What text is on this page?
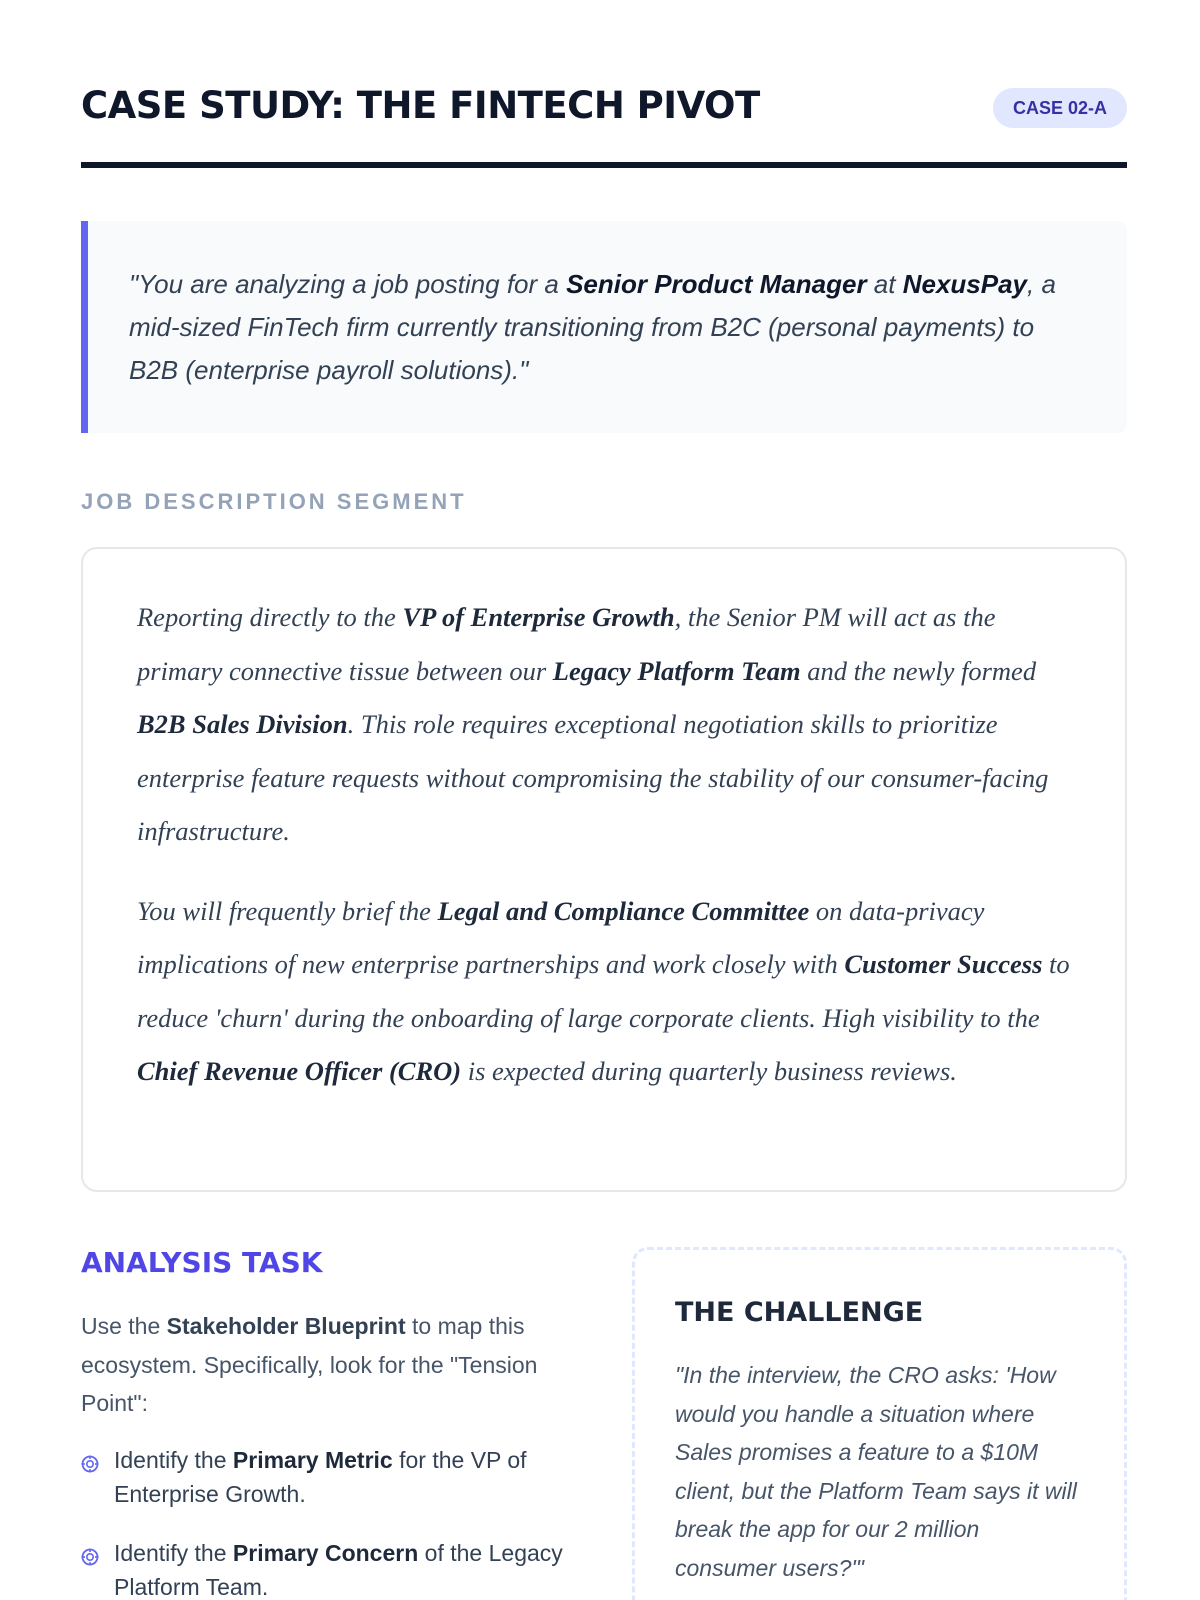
CASE STUDY: THE FINTECH PIVOT	CASE 02-A

"You are analyzing a job posting for a Senior Product Manager at NexusPay, a mid-sized FinTech firm currently transitioning from B2C (personal payments) to B2B (enterprise payroll solutions)."

JOB DESCRIPTION SEGMENT

Reporting directly to the VP of Enterprise Growth, the Senior PM will act as the primary connective tissue between our Legacy Platform Team and the newly formed B2B Sales Division. This role requires exceptional negotiation skills to prioritize enterprise feature requests without compromising the stability of our consumer-facing infrastructure.

You will frequently brief the Legal and Compliance Committee on data-privacy implications of new enterprise partnerships and work closely with Customer Success to reduce 'churn' during the onboarding of large corporate clients. High visibility to the Chief Revenue Officer (CRO) is expected during quarterly business reviews.

ANALYSIS TASK

Use the Stakeholder Blueprint to map this ecosystem. Specifically, look for the "Tension Point":

Identify the Primary Metric for the VP of Enterprise Growth.
Identify the Primary Concern of the Legacy Platform Team.
THE CHALLENGE

"In the interview, the CRO asks: 'How would you handle a situation where Sales promises a feature to a $10M client, but the Platform Team says it will break the app for our 2 million consumer users?'"
